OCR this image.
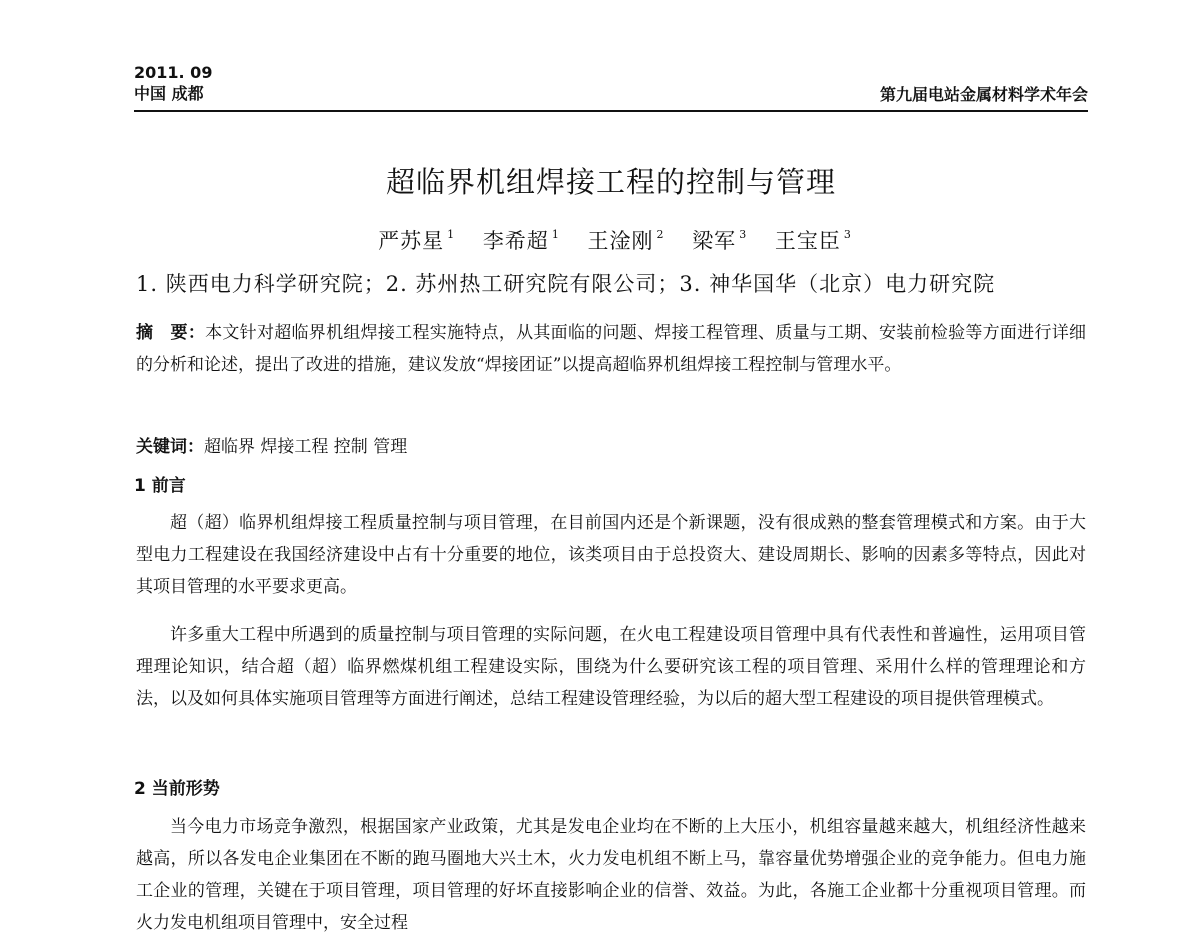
2011. 09
中国 成都	第九届电站金属材料学术年会
超临界机组焊接工程的控制与管理
严苏星 $^1$ 李希超 $^1$ 王淦刚 $^2$ 梁军 $^3$ 王宝臣 $^3$
1. 陕西电力科学研究院；2. 苏州热工研究院有限公司；3. 神华国华（北京）电力研究院
摘　要：本文针对超临界机组焊接工程实施特点，从其面临的问题、焊接工程管理、质量与工期、安装前检验等方面进行详细的分析和论述，提出了改进的措施，建议发放“焊接团证”以提高超临界机组焊接工程控制与管理水平。
关键词：超临界 焊接工程 控制 管理
1 前言

超（超）临界机组焊接工程质量控制与项目管理，在目前国内还是个新课题，没有很成熟的整套管理模式和方案。由于大型电力工程建设在我国经济建设中占有十分重要的地位，该类项目由于总投资大、建设周期长、影响的因素多等特点，因此对其项目管理的水平要求更高。

许多重大工程中所遇到的质量控制与项目管理的实际问题，在火电工程建设项目管理中具有代表性和普遍性，运用项目管理理论知识，结合超（超）临界燃煤机组工程建设实际，围绕为什么要研究该工程的项目管理、采用什么样的管理理论和方法，以及如何具体实施项目管理等方面进行阐述，总结工程建设管理经验，为以后的超大型工程建设的项目提供管理模式。

2 当前形势

当今电力市场竞争激烈，根据国家产业政策，尤其是发电企业均在不断的上大压小，机组容量越来越大，机组经济性越来越高，所以各发电企业集团在不断的跑马圈地大兴土木，火力发电机组不断上马，靠容量优势增强企业的竞争能力。但电力施工企业的管理，关键在于项目管理，项目管理的好坏直接影响企业的信誉、效益。为此，各施工企业都十分重视项目管理。而火力发电机组项目管理中，安全过程
